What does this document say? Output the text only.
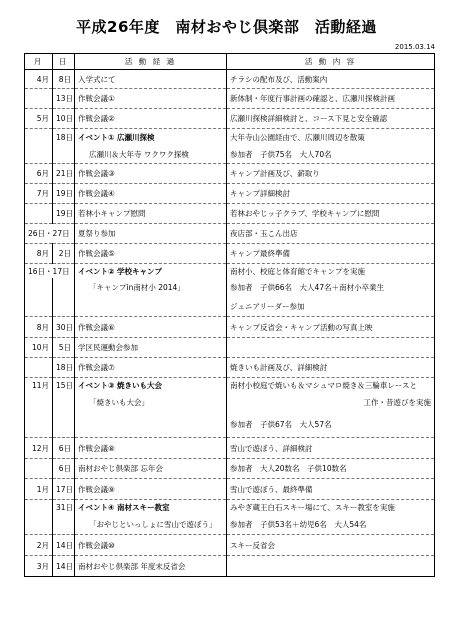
平成26年度　南材おやじ倶楽部　活動経過
2015.03.14
月	日	活 動 経 過	活 動 内 容
4月	8日	入学式にて	チラシの配布及び、活動案内
	13日	作戦会議①	新体制・年度行事計画の確認と、広瀬川探検計画
5月	10日	作戦会議②	広瀬川探検詳細検討と、コース下見と安全確認
	18日	イベント① 広瀬川探検	大年寺山公園経由で、広瀬川周辺を散策
		広瀬川＆大年寺 ワクワク探検	参加者　子供75名　大人70名
6月	21日	作戦会議③	キャンプ計画及び、薪取り
7月	19日	作戦会議④	キャンプ詳細検討
	19日	若林小キャンプ慰問	若林おやじッ子クラブ、学校キャンプに慰問
26日・27日		夏祭り参加	夜店部・玉こん出店
8月	2日	作戦会議⑤	キャンプ最終準備
16日・17日		イベント② 学校キャンプ	南材小、校庭と体育館でキャンプを実施
		「キャンプin南材小 2014」	参加者　子供66名　大人47名＋南材小卒業生
			ジュニアリーダー参加
8月	30日	作戦会議⑥	キャンプ反省会・キャンプ活動の写真上映
10月	5日	学区民運動会参加	
	18日	作戦会議⑦	焼きいも計画及び、詳細検討
11月	15日	イベント③ 焼きいも大会	南材小校庭で焼いも＆マシュマロ焼き＆三輪車レースと
		「焼きいも大会」	工作・昔遊びを実施
			参加者　子供67名　大人57名
12月	6日	作戦会議⑧	雪山で遊ぼう、詳細検討
	6日	南材おやじ倶楽部 忘年会	参加者　大人20数名　子供10数名
1月	17日	作戦会議⑨	雪山で遊ぼう、最終準備
	31日	イベント④ 南材スキー教室	みやぎ蔵王白石スキー場にて、スキー教室を実施
		「おやじといっしょに雪山で遊ぼう」	参加者　子供53名＋幼児6名　大人54名
2月	14日	作戦会議⑩	スキー反省会
3月	14日	南材おやじ倶楽部 年度末反省会	
